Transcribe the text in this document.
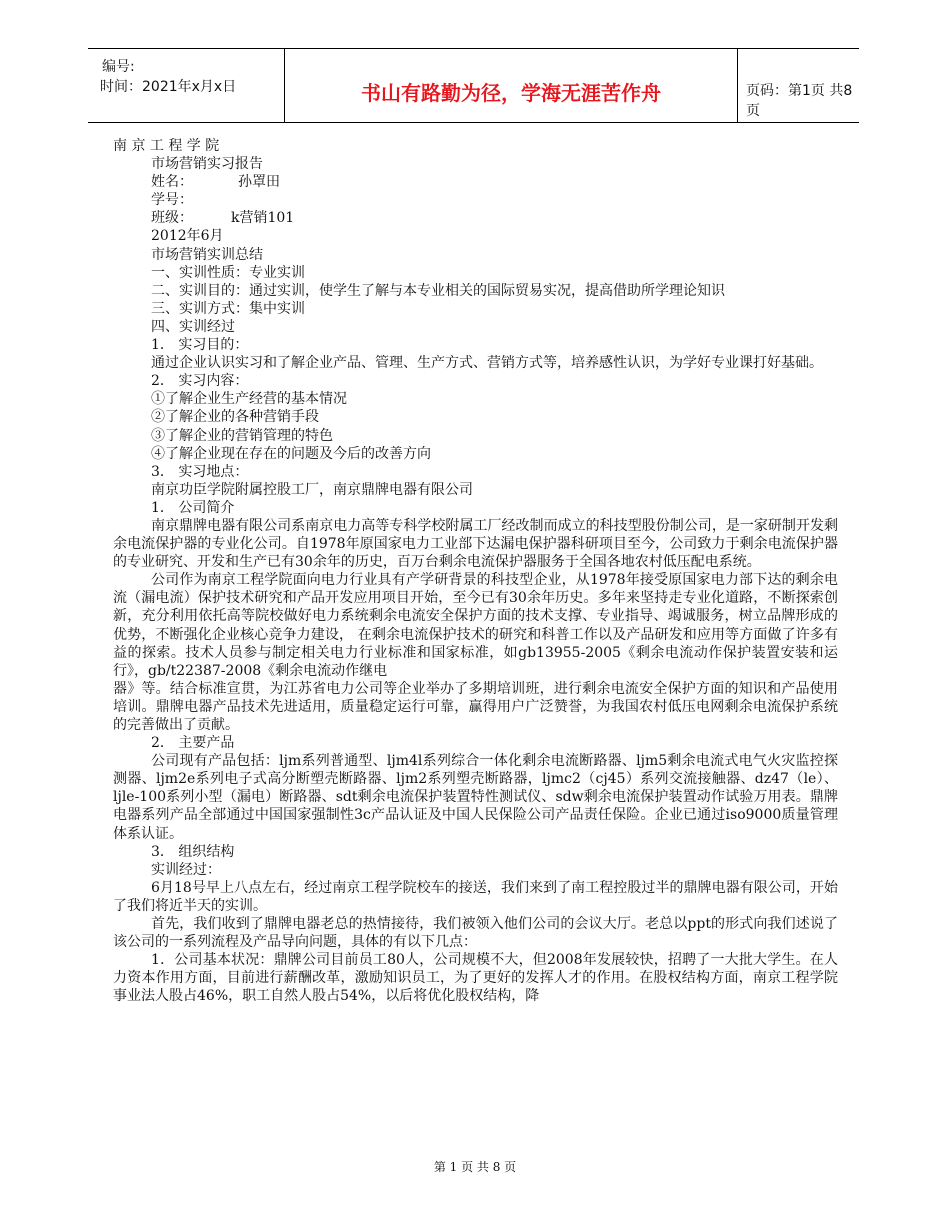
编号:
时间：2021年x月x日	书山有路勤为径，学海无涯苦作舟	页码：第1页 共8页
南 京 工 程 学 院
市场营销实习报告
姓名：	孙罩田
学号：
班级：	k营销101
2012年6月
市场营销实训总结
一、实训性质：专业实训
二、实训目的：通过实训，使学生了解与本专业相关的国际贸易实况，提高借助所学理论知识
三、实训方式：集中实训
四、实训经过
1． 实习目的：
通过企业认识实习和了解企业产品、管理、生产方式、营销方式等，培养感性认识，为学好专业课打好基础。
2． 实习内容：
①了解企业生产经营的基本情况
②了解企业的各种营销手段
③了解企业的营销管理的特色
④了解企业现在存在的问题及今后的改善方向
3． 实习地点：
南京功臣学院附属控股工厂，南京鼎牌电器有限公司
1． 公司简介
南京鼎牌电器有限公司系南京电力高等专科学校附属工厂经改制而成立的科技型股份制公司，是一家研制开发剩余电流保护器的专业化公司。自1978年原国家电力工业部下达漏电保护器科研项目至今，公司致力于剩余电流保护器的专业研究、开发和生产已有30余年的历史，百万台剩余电流保护器服务于全国各地农村低压配电系统。
公司作为南京工程学院面向电力行业具有产学研背景的科技型企业，从1978年接受原国家电力部下达的剩余电流（漏电流）保护技术研究和产品开发应用项目开始，至今已有30余年历史。多年来坚持走专业化道路，不断探索创新，充分利用依托高等院校做好电力系统剩余电流安全保护方面的技术支撑、专业指导、竭诚服务，树立品牌形成的优势，不断强化企业核心竞争力建设， 在剩余电流保护技术的研究和科普工作以及产品研发和应用等方面做了许多有益的探索。技术人员参与制定相关电力行业标准和国家标准，如gb13955-2005《剩余电流动作保护装置安装和运行》，gb/t22387-2008《剩余电流动作继电
器》等。结合标准宣贯，为江苏省电力公司等企业举办了多期培训班，进行剩余电流安全保护方面的知识和产品使用培训。鼎牌电器产品技术先进适用，质量稳定运行可靠，赢得用户广泛赞誉，为我国农村低压电网剩余电流保护系统的完善做出了贡献。
2． 主要产品
公司现有产品包括：ljm系列普通型、ljm4l系列综合一体化剩余电流断路器、ljm5剩余电流式电气火灾监控探测器、ljm2e系列电子式高分断塑壳断路器、ljm2系列塑壳断路器，ljmc2（cj45）系列交流接触器、dz47（le）、ljle-100系列小型（漏电）断路器、sdt剩余电流保护装置特性测试仪、sdw剩余电流保护装置动作试验万用表。鼎牌电器系列产品全部通过中国国家强制性3c产品认证及中国人民保险公司产品责任保险。企业已通过iso9000质量管理体系认证。
3． 组织结构
实训经过：
6月18号早上八点左右，经过南京工程学院校车的接送，我们来到了南工程控股过半的鼎牌电器有限公司，开始了我们将近半天的实训。
首先，我们收到了鼎牌电器老总的热情接待，我们被领入他们公司的会议大厅。老总以ppt的形式向我们述说了该公司的一系列流程及产品导向问题，具体的有以下几点：
1．公司基本状况：鼎牌公司目前员工80人，公司规模不大，但2008年发展较快，招聘了一大批大学生。在人力资本作用方面，目前进行薪酬改革，激励知识员工，为了更好的发挥人才的作用。在股权结构方面，南京工程学院事业法人股占46%，职工自然人股占54%，以后将优化股权结构，降
第 1 页 共 8 页
